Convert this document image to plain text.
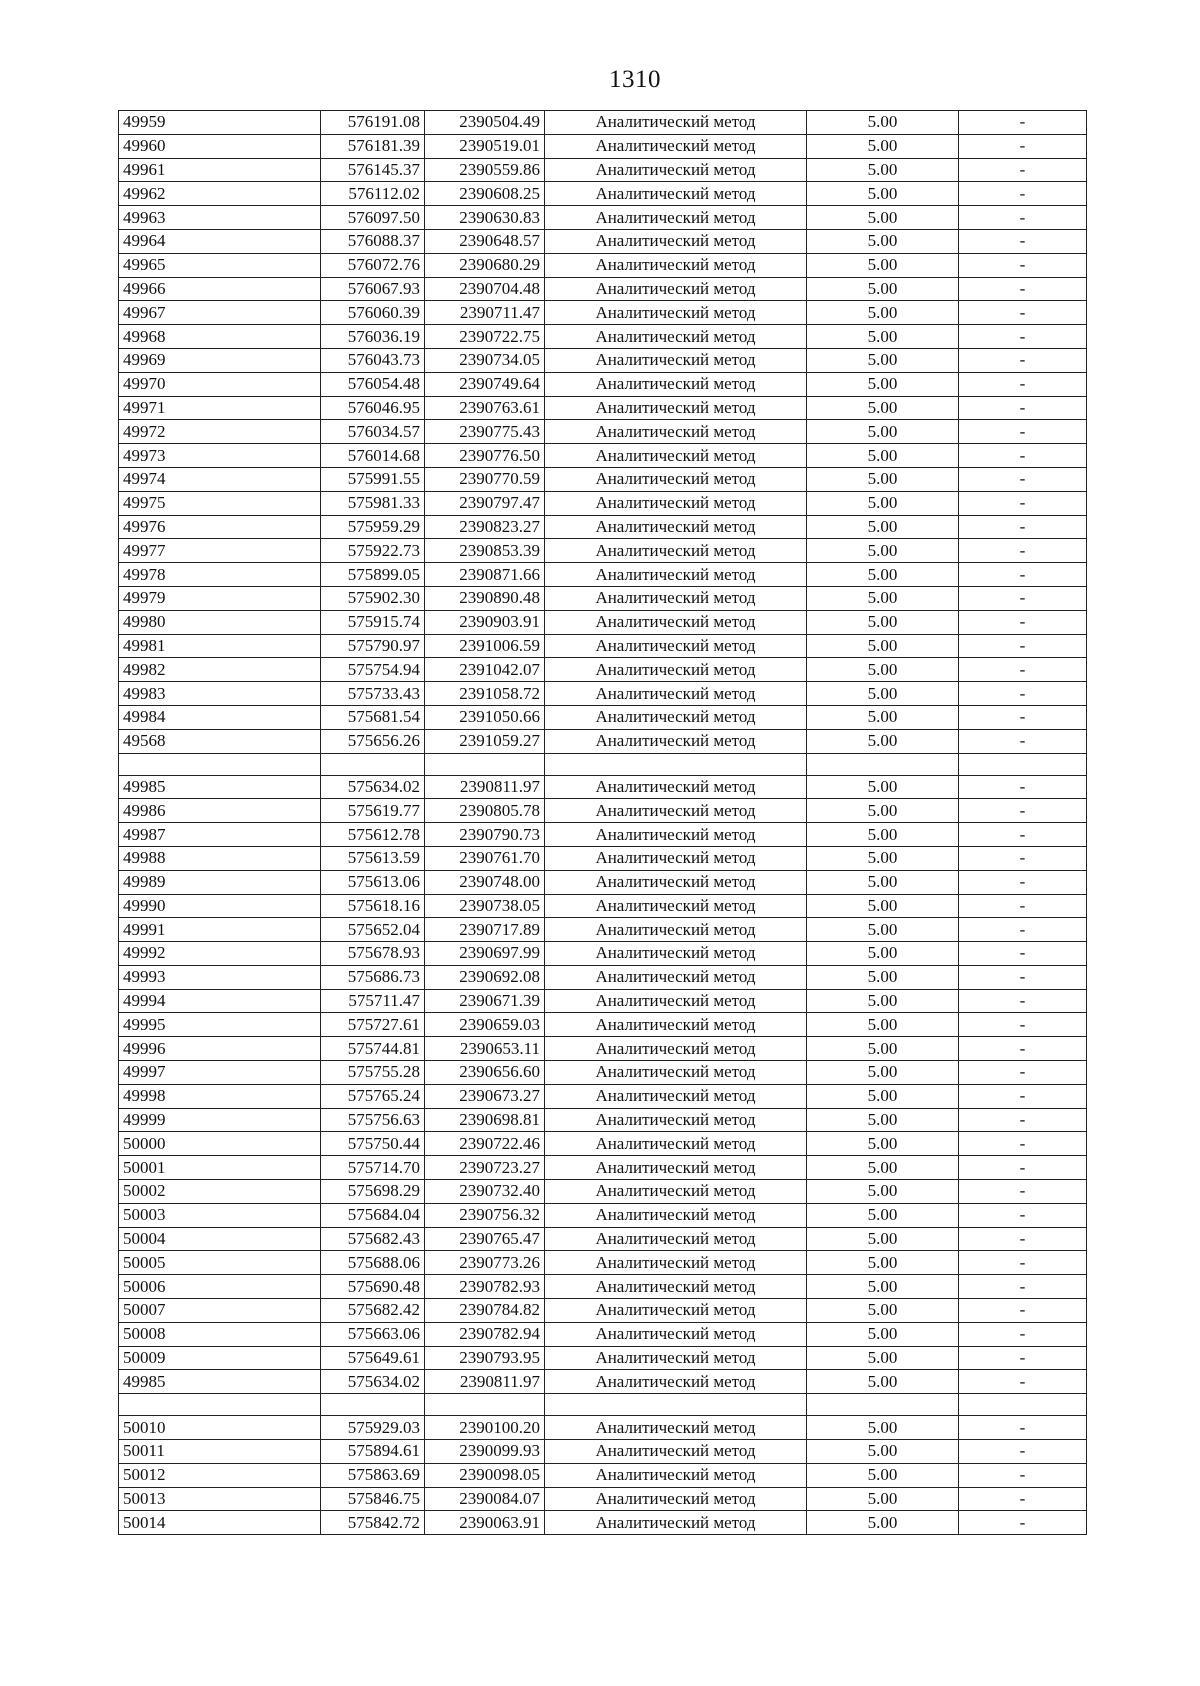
1310
49959	576191.08	2390504.49	Аналитический метод	5.00	-
49960	576181.39	2390519.01	Аналитический метод	5.00	-
49961	576145.37	2390559.86	Аналитический метод	5.00	-
49962	576112.02	2390608.25	Аналитический метод	5.00	-
49963	576097.50	2390630.83	Аналитический метод	5.00	-
49964	576088.37	2390648.57	Аналитический метод	5.00	-
49965	576072.76	2390680.29	Аналитический метод	5.00	-
49966	576067.93	2390704.48	Аналитический метод	5.00	-
49967	576060.39	2390711.47	Аналитический метод	5.00	-
49968	576036.19	2390722.75	Аналитический метод	5.00	-
49969	576043.73	2390734.05	Аналитический метод	5.00	-
49970	576054.48	2390749.64	Аналитический метод	5.00	-
49971	576046.95	2390763.61	Аналитический метод	5.00	-
49972	576034.57	2390775.43	Аналитический метод	5.00	-
49973	576014.68	2390776.50	Аналитический метод	5.00	-
49974	575991.55	2390770.59	Аналитический метод	5.00	-
49975	575981.33	2390797.47	Аналитический метод	5.00	-
49976	575959.29	2390823.27	Аналитический метод	5.00	-
49977	575922.73	2390853.39	Аналитический метод	5.00	-
49978	575899.05	2390871.66	Аналитический метод	5.00	-
49979	575902.30	2390890.48	Аналитический метод	5.00	-
49980	575915.74	2390903.91	Аналитический метод	5.00	-
49981	575790.97	2391006.59	Аналитический метод	5.00	-
49982	575754.94	2391042.07	Аналитический метод	5.00	-
49983	575733.43	2391058.72	Аналитический метод	5.00	-
49984	575681.54	2391050.66	Аналитический метод	5.00	-
49568	575656.26	2391059.27	Аналитический метод	5.00	-

49985	575634.02	2390811.97	Аналитический метод	5.00	-
49986	575619.77	2390805.78	Аналитический метод	5.00	-
49987	575612.78	2390790.73	Аналитический метод	5.00	-
49988	575613.59	2390761.70	Аналитический метод	5.00	-
49989	575613.06	2390748.00	Аналитический метод	5.00	-
49990	575618.16	2390738.05	Аналитический метод	5.00	-
49991	575652.04	2390717.89	Аналитический метод	5.00	-
49992	575678.93	2390697.99	Аналитический метод	5.00	-
49993	575686.73	2390692.08	Аналитический метод	5.00	-
49994	575711.47	2390671.39	Аналитический метод	5.00	-
49995	575727.61	2390659.03	Аналитический метод	5.00	-
49996	575744.81	2390653.11	Аналитический метод	5.00	-
49997	575755.28	2390656.60	Аналитический метод	5.00	-
49998	575765.24	2390673.27	Аналитический метод	5.00	-
49999	575756.63	2390698.81	Аналитический метод	5.00	-
50000	575750.44	2390722.46	Аналитический метод	5.00	-
50001	575714.70	2390723.27	Аналитический метод	5.00	-
50002	575698.29	2390732.40	Аналитический метод	5.00	-
50003	575684.04	2390756.32	Аналитический метод	5.00	-
50004	575682.43	2390765.47	Аналитический метод	5.00	-
50005	575688.06	2390773.26	Аналитический метод	5.00	-
50006	575690.48	2390782.93	Аналитический метод	5.00	-
50007	575682.42	2390784.82	Аналитический метод	5.00	-
50008	575663.06	2390782.94	Аналитический метод	5.00	-
50009	575649.61	2390793.95	Аналитический метод	5.00	-
49985	575634.02	2390811.97	Аналитический метод	5.00	-

50010	575929.03	2390100.20	Аналитический метод	5.00	-
50011	575894.61	2390099.93	Аналитический метод	5.00	-
50012	575863.69	2390098.05	Аналитический метод	5.00	-
50013	575846.75	2390084.07	Аналитический метод	5.00	-
50014	575842.72	2390063.91	Аналитический метод	5.00	-
